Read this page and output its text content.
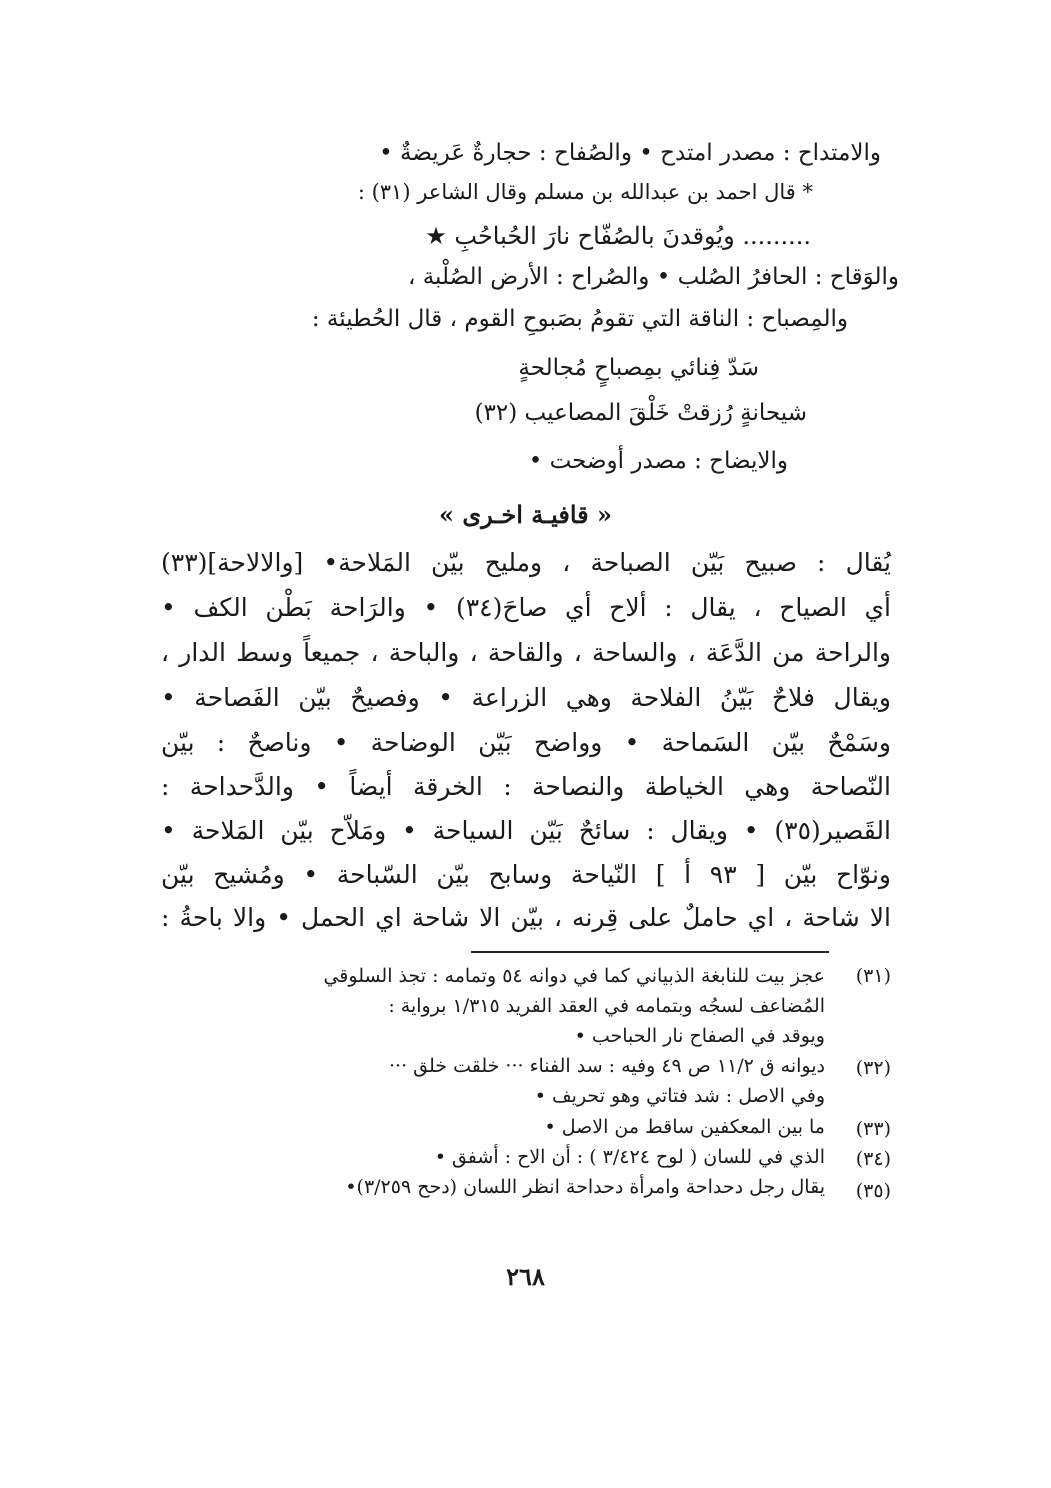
والامتداح : مصدر امتدح • والصُفاح : حجارةٌ عَريضةٌ •
* قال احمد بن عبدالله بن مسلم وقال الشاعر (٣١) :
......... ويُوقدنَ بالصُفّاح نارَ الحُباحُبِ ★
والوَقاح : الحافرُ الصُلب • والصُراح : الأرض الصُلْبة ،
والمِصباح : الناقة التي تقومُ بصَبوحِ القوم ، قال الحُطيئة :
سَدّ فِنائي بمِصباحٍ مُجالحةٍ
شيحانةٍ رُزقتْ خَلْقَ المصاعيب (٣٢)
والايضاح : مصدر أوضحت •
« قافيـة اخـرى »
يُقال : صبيح بَيّن الصباحة ، ومليح بيّن المَلاحة• [والالاحة](٣٣)
أي الصياح ، يقال : ألاح أي صاحَ(٣٤) • والرَاحة بَطْن الكف •
والراحة من الدَّعَة ، والساحة ، والقاحة ، والباحة ، جميعاً وسط الدار ،
ويقال فلاحٌ بَيّنُ الفلاحة وهي الزراعة • وفصيحٌ بيّن الفَصاحة •
وسَمْحٌ بيّن السَماحة • وواضح بَيّن الوضاحة • وناصحٌ : بيّن
النّصاحة وهي الخياطة والنصاحة : الخرقة أيضاً • والدَّحداحة :
القَصير(٣٥) • ويقال : سائحٌ بَيّن السياحة • ومَلاّح بيّن المَلاحة •
ونوّاح بيّن [ ٩٣ أ ] النّياحة وسابح بيّن السّباحة • ومُشيح بيّن
الا شاحة ، اي حاملٌ على قِرنه ، بيّن الا شاحة اي الحمل • والا باحةُ :
(٣١)
عجز بيت للنابغة الذبياني كما في دوانه ٥٤ وتمامه : تجذ السلوقي
المُضاعف لسجُه وبتمامه في العقد الفريد ١/٣١٥ برواية :
ويوقد في الصفاح نار الحباحب •
(٣٢)
ديوانه ق ١١/٢ ص ٤٩ وفيه : سد الفناء ··· خلقت خلق ···
وفي الاصل : شد فتاتي وهو تحريف •
(٣٣)
ما بين المعكفين ساقط من الاصل •
(٣٤)
الذي في للسان ( لوح ٣/٤٢٤ ) : أن الاح : أشفق •
(٣٥)
يقال رجل دحداحة وامرأة دحداحة انظر اللسان (دحح ٣/٢٥٩)•
٢٦٨
